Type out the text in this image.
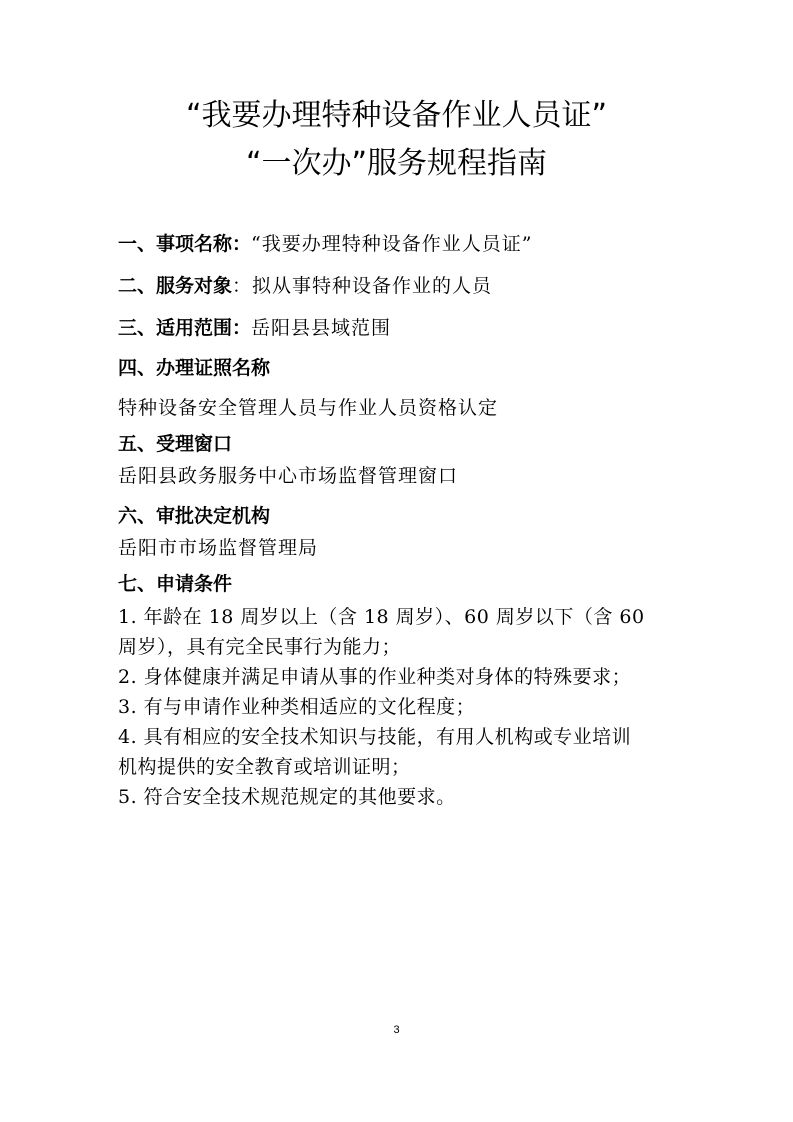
“我要办理特种设备作业人员证”
“一次办”服务规程指南
一、事项名称：“我要办理特种设备作业人员证”
二、服务对象：拟从事特种设备作业的人员
三、适用范围：岳阳县县域范围
四、办理证照名称
特种设备安全管理人员与作业人员资格认定
五、受理窗口
岳阳县政务服务中心市场监督管理窗口
六、审批决定机构
岳阳市市场监督管理局
七、申请条件
1. 年龄在 18 周岁以上（含 18 周岁）、60 周岁以下（含 60
周岁），具有完全民事行为能力；
2. 身体健康并满足申请从事的作业种类对身体的特殊要求；
3. 有与申请作业种类相适应的文化程度；
4. 具有相应的安全技术知识与技能，有用人机构或专业培训
机构提供的安全教育或培训证明；
5. 符合安全技术规范规定的其他要求。
3
